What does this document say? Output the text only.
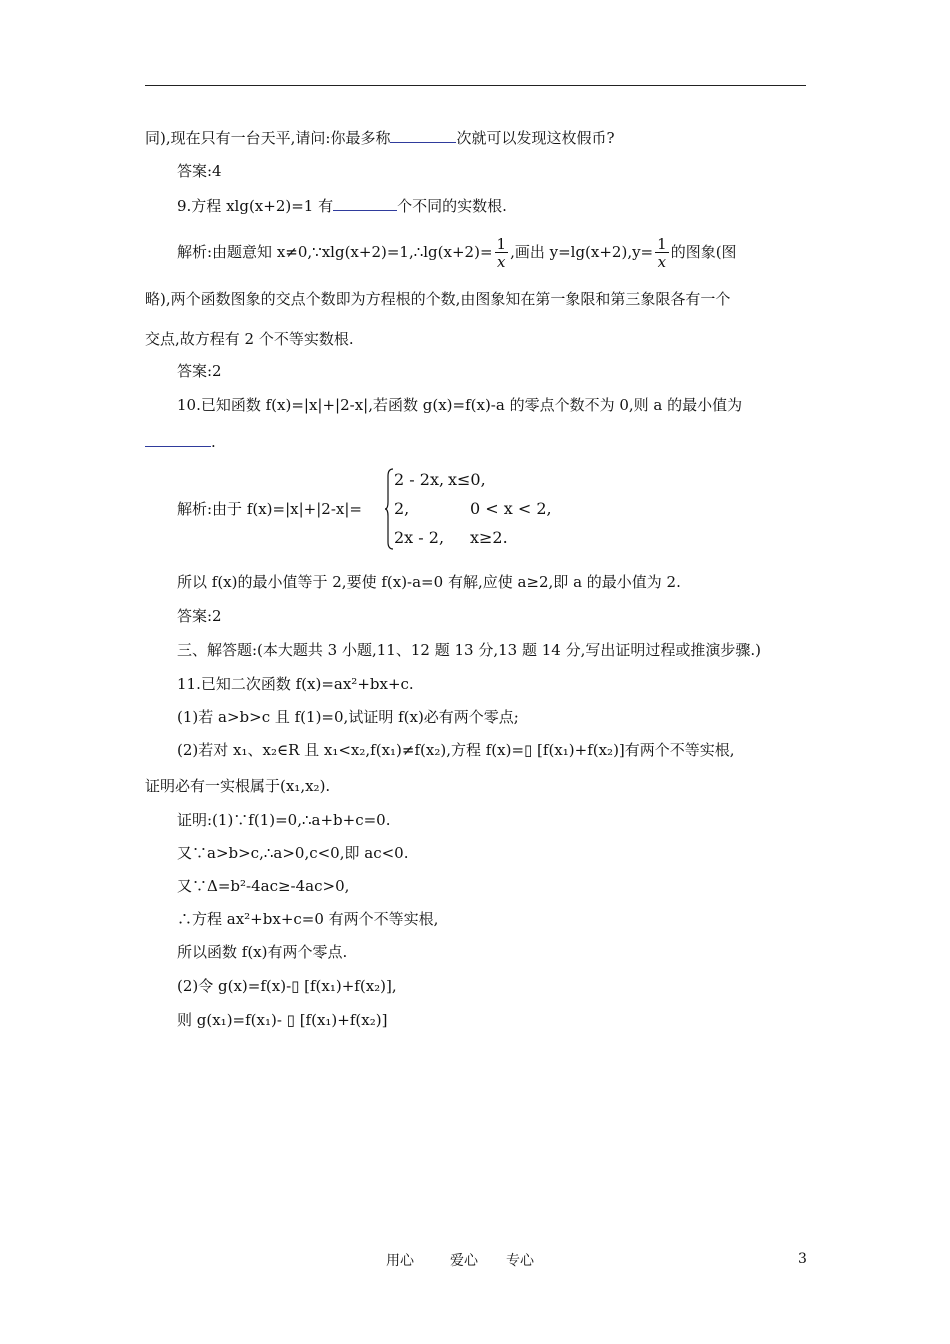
同),现在只有一台天平,请问:你最多称	次就可以发现这枚假币?
答案:4
9.方程 xlg(x+2)=1 有	个不同的实数根.
解析:由题意知 x≠0,∵xlg(x+2)=1,∴lg(x+2)= $\frac{1}{x}$ ,画出 $y=\lg(x+2),y= \frac{1}{x}$ 的图象(图
略),两个函数图象的交点个数即为方程根的个数,由图象知在第一象限和第三象限各有一个
交点,故方程有 2 个不等实数根.
答案:2
10.已知函数 f(x)=|x|+|2-x|,若函数 g(x)=f(x)-a 的零点个数不为 0,则 a 的最小值为
.
解析:由于 f(x)=|x|+|2-x|=
2 - 2x, x≤0,
2,	0 < x < 2,
2x - 2, x≥2.
所以 f(x)的最小值等于 2,要使 f(x)-a=0 有解,应使 a≥2,即 a 的最小值为 2.
答案:2
三、解答题:(本大题共 3 小题,11、12 题 13 分,13 题 14 分,写出证明过程或推演步骤.)
11.已知二次函数 f(x)=ax²+bx+c.
(1)若 a>b>c 且 f(1)=0,试证明 f(x)必有两个零点;
(2)若对 x₁、x₂∈R 且 x₁<x₂,f(x₁)≠f(x₂),方程 f(x)=▯ [f(x₁)+f(x₂)]有两个不等实根,
证明必有一实根属于(x₁,x₂).
证明:(1)∵f(1)=0,∴a+b+c=0.
又∵a>b>c,∴a>0,c<0,即 ac<0.
又∵Δ=b²-4ac≥-4ac>0,
∴方程 ax²+bx+c=0 有两个不等实根,
所以函数 f(x)有两个零点.
(2)令 g(x)=f(x)-▯ [f(x₁)+f(x₂)],
则 g(x₁)=f(x₁)- ▯ [f(x₁)+f(x₂)]
用心	爱心 专心	3
